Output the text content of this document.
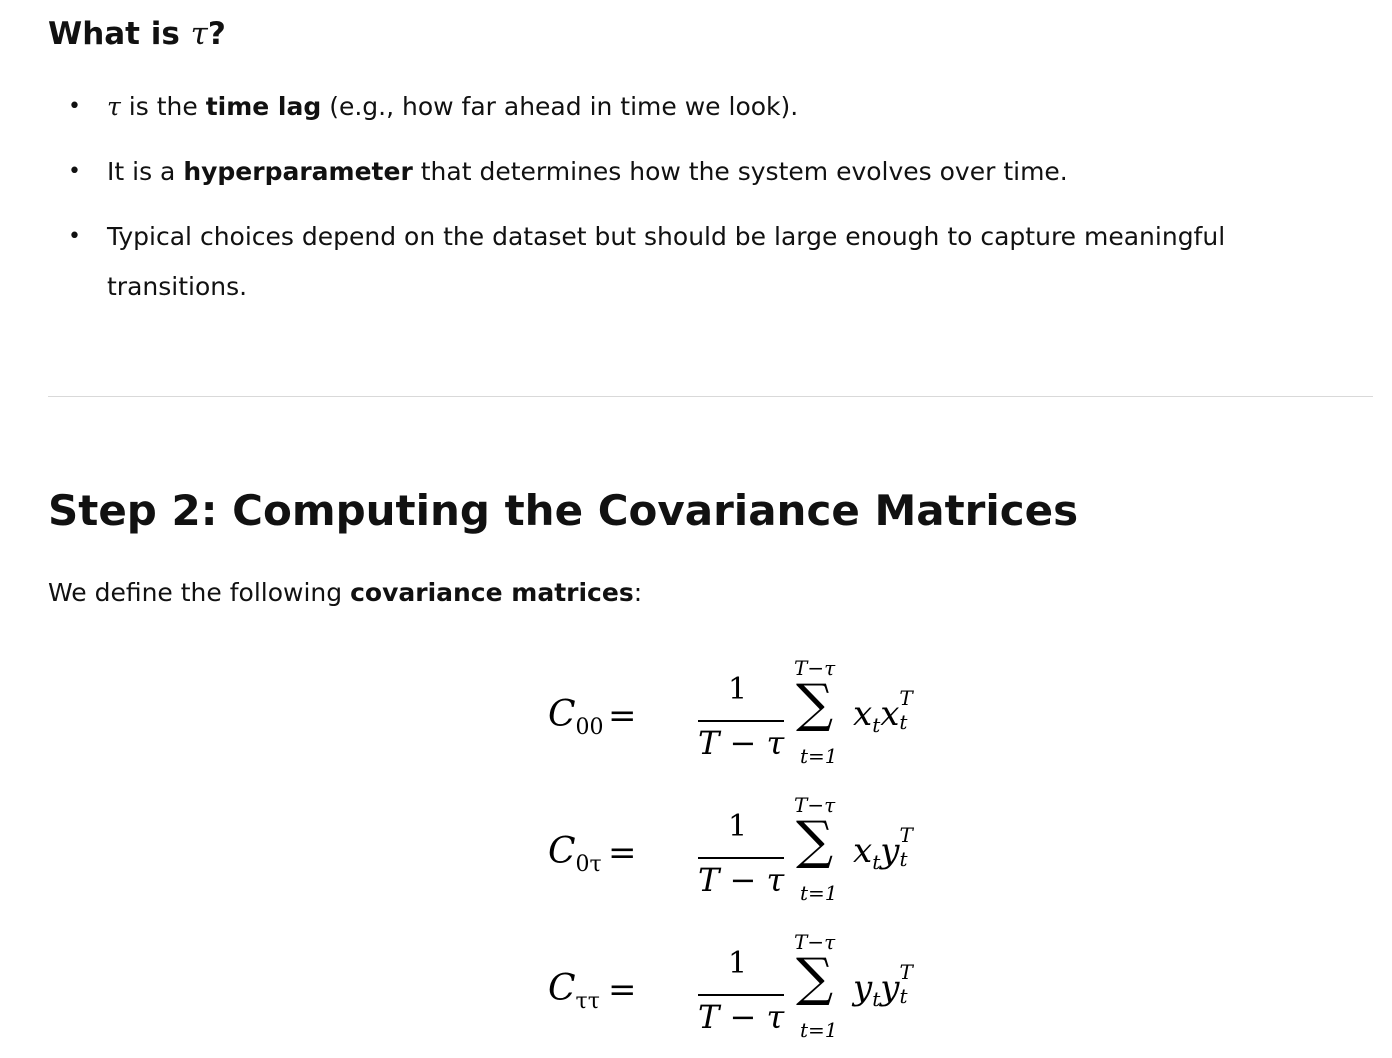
What is τ?
• τ is the time lag (e.g., how far ahead in time we look).
• It is a hyperparameter that determines how the system evolves over time.
• Typical choices depend on the dataset but should be large enough to capture meaningful transitions.
Step 2: Computing the Covariance Matrices

We define the following covariance matrices:

$C_{00}$ =
1
T − τ
T−τ
∑
t=1
$x_tx$ T
t
$C_{0\tau}$ =
1
T − τ
T−τ
∑
t=1
$x_ty$ T
t
$C_{\tau\tau}$ =
1
T − τ
T−τ
∑
t=1
$y_ty$ T
t
